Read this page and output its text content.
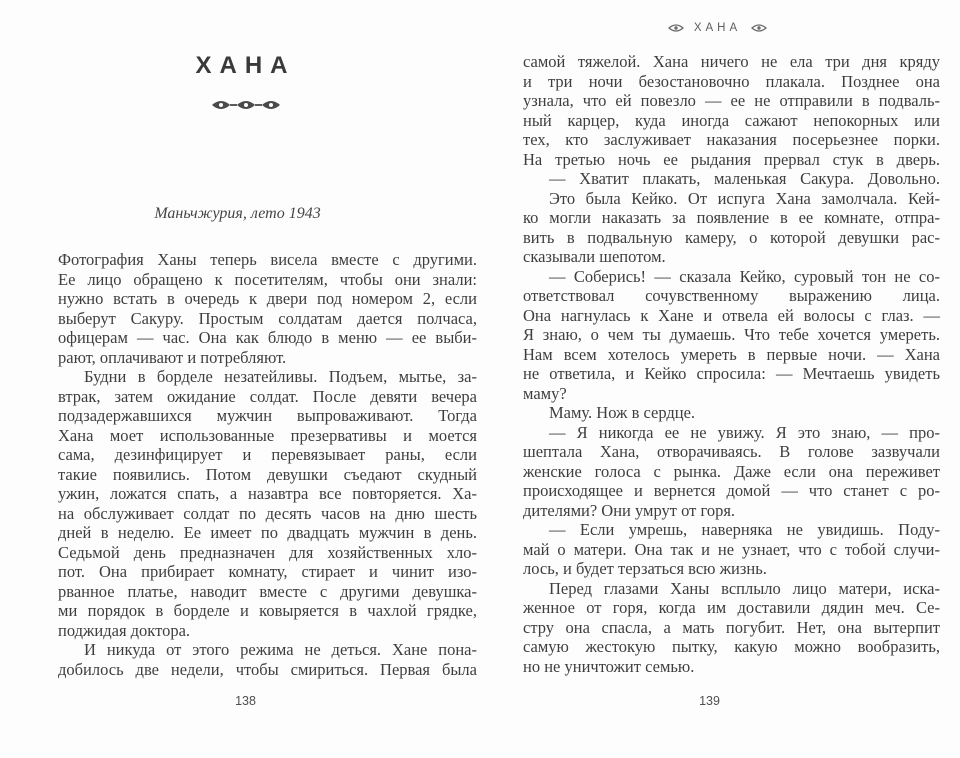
ХАНА
Маньчжурия, лето 1943
Фотография Ханы теперь висела вместе с другими.
Ее лицо обращено к посетителям, чтобы они знали:
нужно встать в очередь к двери под номером 2, если
выберут Сакуру. Простым солдатам дается полчаса,
офицерам — час. Она как блюдо в меню — ее выби-
рают, оплачивают и потребляют.
Будни в борделе незатейливы. Подъем, мытье, за-
втрак, затем ожидание солдат. После девяти вечера
подзадержавшихся мужчин выпроваживают. Тогда
Хана моет использованные презервативы и моется
сама, дезинфицирует и перевязывает раны, если
такие появились. Потом девушки съедают скудный
ужин, ложатся спать, а назавтра все повторяется. Ха-
на обслуживает солдат по десять часов на дню шесть
дней в неделю. Ее имеет по двадцать мужчин в день.
Седьмой день предназначен для хозяйственных хло-
пот. Она прибирает комнату, стирает и чинит изо-
рванное платье, наводит вместе с другими девушка-
ми порядок в борделе и ковыряется в чахлой грядке,
поджидая доктора.
И никуда от этого режима не деться. Хане пона-
добилось две недели, чтобы смириться. Первая была
138
ХАНА
самой тяжелой. Хана ничего не ела три дня кряду
и три ночи безостановочно плакала. Позднее она
узнала, что ей повезло — ее не отправили в подваль-
ный карцер, куда иногда сажают непокорных или
тех, кто заслуживает наказания посерьезнее порки.
На третью ночь ее рыдания прервал стук в дверь.
— Хватит плакать, маленькая Сакура. Довольно.
Это была Кейко. От испуга Хана замолчала. Кей-
ко могли наказать за появление в ее комнате, отпра-
вить в подвальную камеру, о которой девушки рас-
сказывали шепотом.
— Соберись! — сказала Кейко, суровый тон не со-
ответствовал сочувственному выражению лица.
Она нагнулась к Хане и отвела ей волосы с глаз. —
Я знаю, о чем ты думаешь. Что тебе хочется умереть.
Нам всем хотелось умереть в первые ночи. — Хана
не ответила, и Кейко спросила: — Мечтаешь увидеть
маму?
Маму. Нож в сердце.
— Я никогда ее не увижу. Я это знаю, — про-
шептала Хана, отворачиваясь. В голове зазвучали
женские голоса с рынка. Даже если она переживет
происходящее и вернется домой — что станет с ро-
дителями? Они умрут от горя.
— Если умрешь, наверняка не увидишь. Поду-
май о матери. Она так и не узнает, что с тобой случи-
лось, и будет терзаться всю жизнь.
Перед глазами Ханы всплыло лицо матери, иска-
женное от горя, когда им доставили дядин меч. Се-
стру она спасла, а мать погубит. Нет, она вытерпит
самую жестокую пытку, какую можно вообразить,
но не уничтожит семью.
139
